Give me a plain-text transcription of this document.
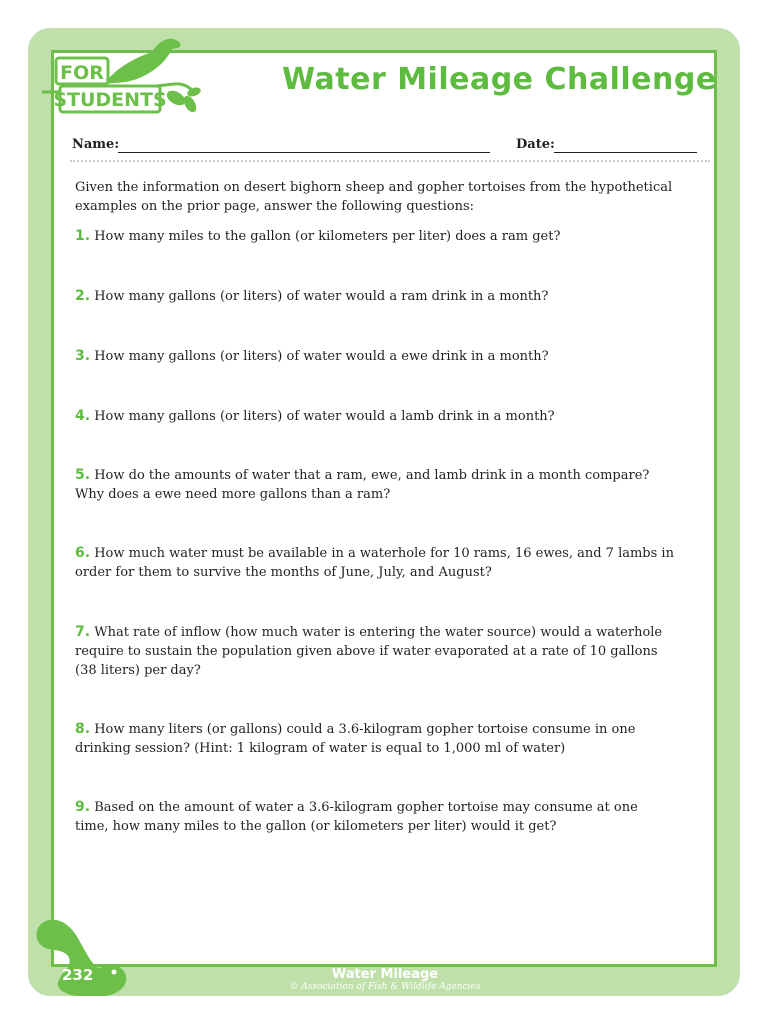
FOR
STUDENTS
Water Mileage Challenge
Name:	Date:
Given the information on desert bighorn sheep and gopher tortoises from the hypothetical examples on the prior page, answer the following questions:
1. How many miles to the gallon (or kilometers per liter) does a ram get?
2. How many gallons (or liters) of water would a ram drink in a month?
3. How many gallons (or liters) of water would a ewe drink in a month?
4. How many gallons (or liters) of water would a lamb drink in a month?
5. How do the amounts of water that a ram, ewe, and lamb drink in a month compare? Why does a ewe need more gallons than a ram?
6. How much water must be available in a waterhole for 10 rams, 16 ewes, and 7 lambs in order for them to survive the months of June, July, and August?
7. What rate of inflow (how much water is entering the water source) would a waterhole require to sustain the population given above if water evaporated at a rate of 10 gallons (38 liters) per day?
8. How many liters (or gallons) could a 3.6-kilogram gopher tortoise consume in one drinking session? (Hint: 1 kilogram of water is equal to 1,000 ml of water)
9. Based on the amount of water a 3.6-kilogram gopher tortoise may consume at one time, how many miles to the gallon (or kilometers per liter) would it get?
232	Water Mileage
© Association of Fish & Wildlife Agencies
